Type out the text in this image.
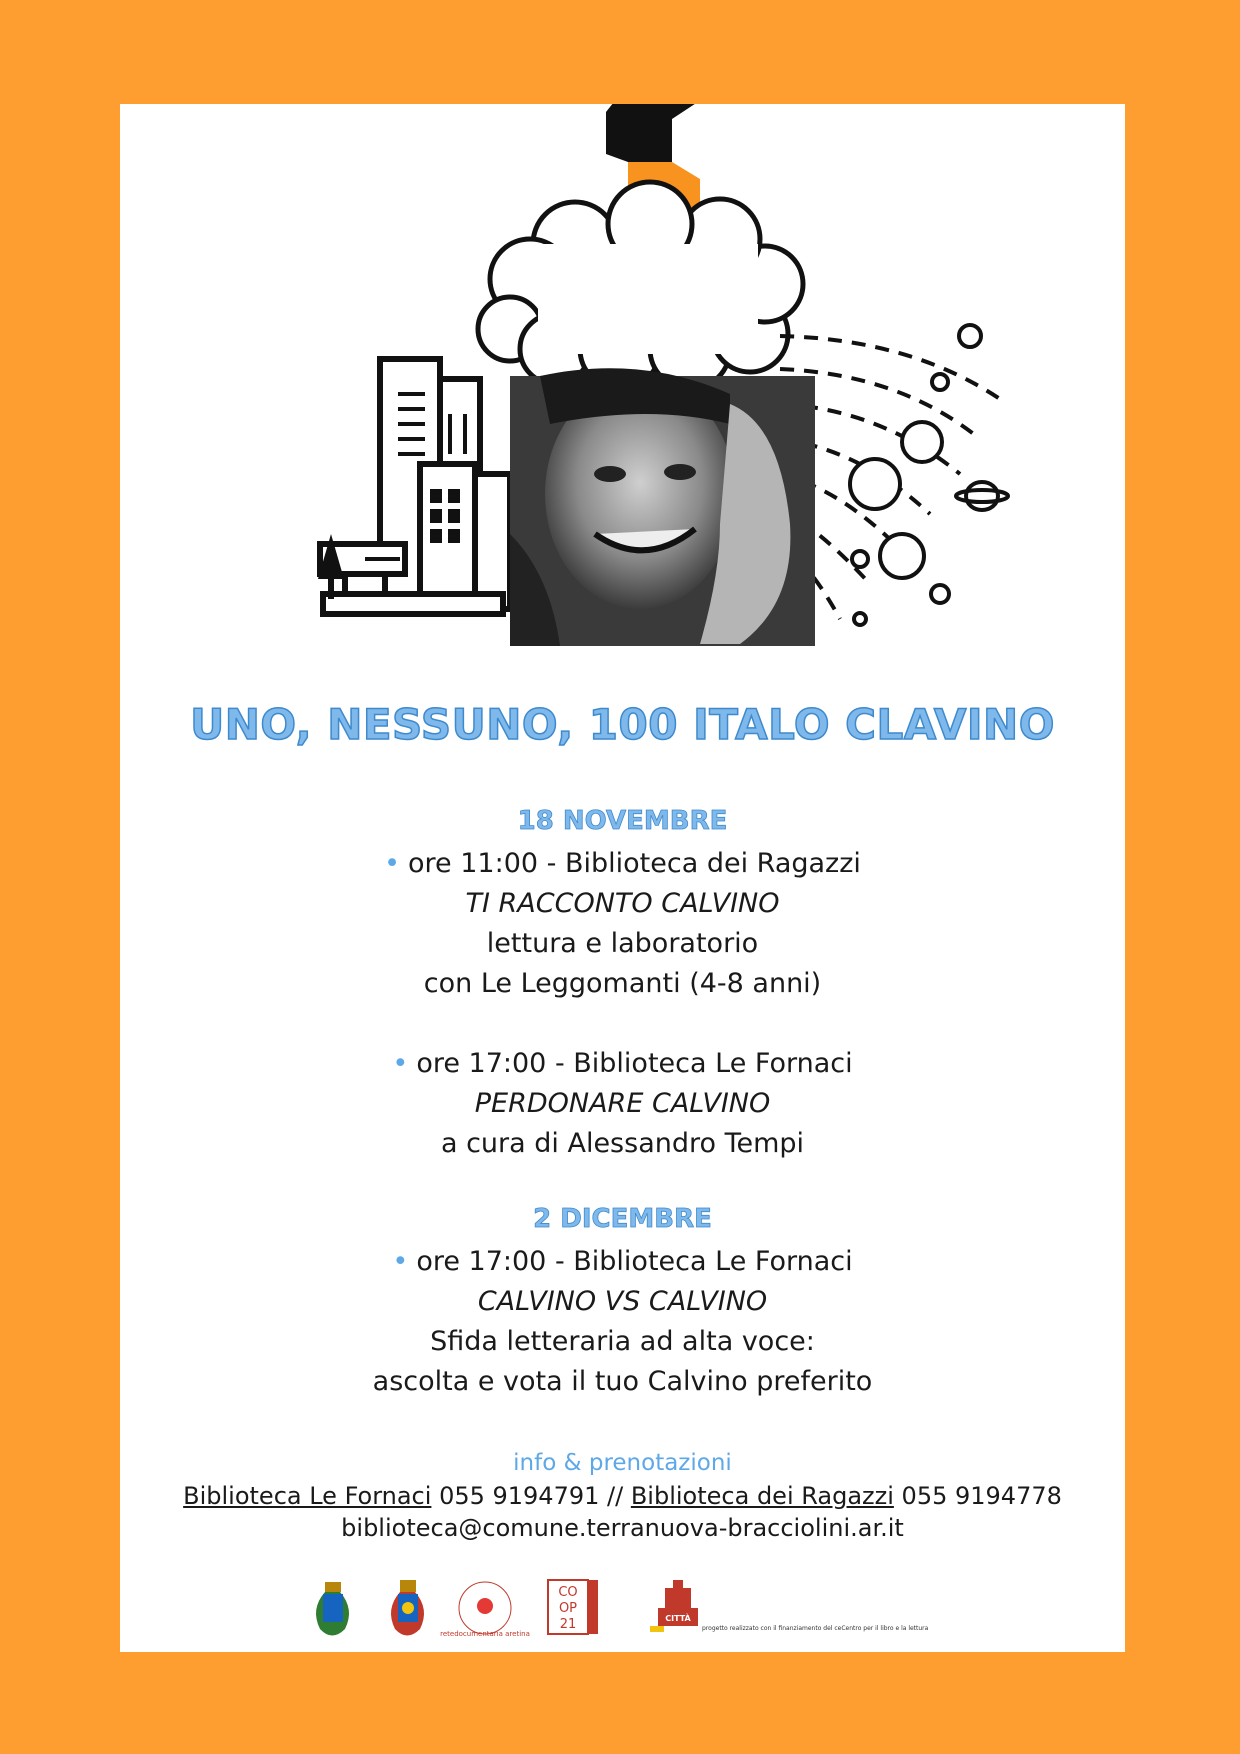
UNO, NESSUNO, 100 ITALO CLAVINO
18 NOVEMBRE
• ore 11:00 - Biblioteca dei Ragazzi
TI RACCONTO CALVINO
lettura e laboratorio
con Le Leggomanti (4-8 anni)
• ore 17:00 - Biblioteca Le Fornaci
PERDONARE CALVINO
a cura di Alessandro Tempi
2 DICEMBRE
• ore 17:00 - Biblioteca Le Fornaci
CALVINO VS CALVINO
Sfida letteraria ad alta voce:
ascolta e vota il tuo Calvino preferito
info & prenotazioni
Biblioteca Le Fornaci 055 9194791 // Biblioteca dei Ragazzi 055 9194778
biblioteca@comune.terranuova-bracciolini.ar.it
retedocumentaria aretina
CO
OP
21	CITTÀ
progetto realizzato con il finanziamento del ceCentro per il libro e la lettura
